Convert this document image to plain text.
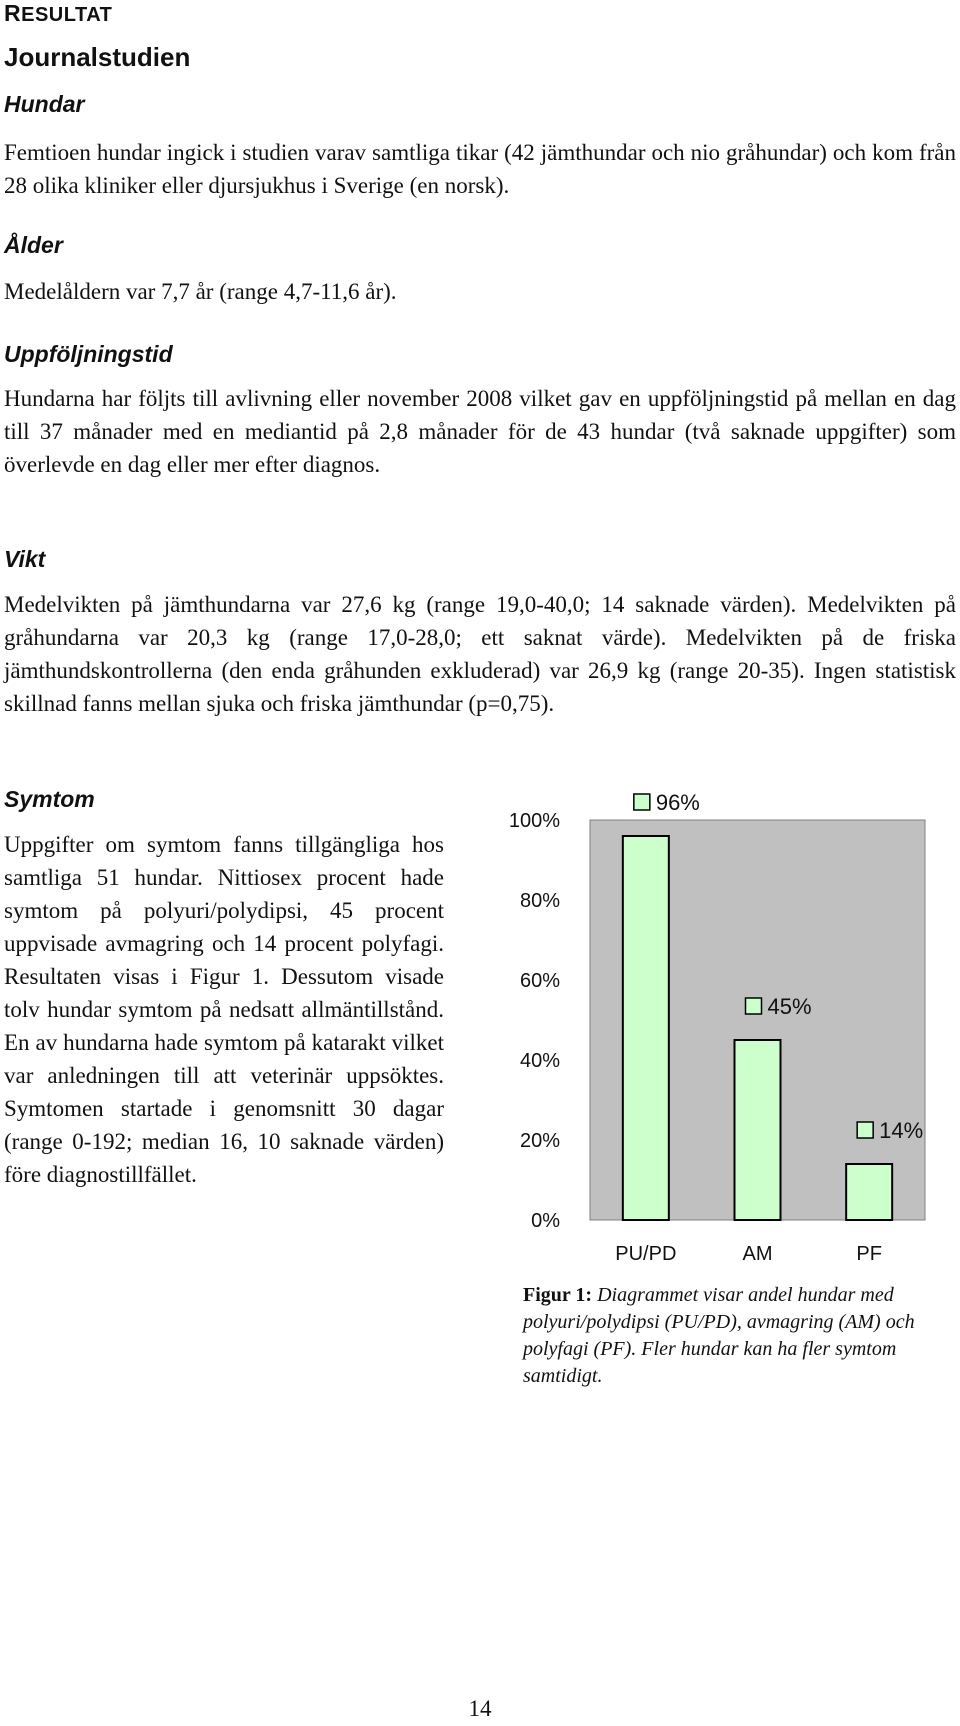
RESULTAT
Journalstudien
Hundar

Femtioen hundar ingick i studien varav samtliga tikar (42 jämthundar och nio gråhundar) och kom från 28 olika kliniker eller djursjukhus i Sverige (en norsk).

Ålder

Medelåldern var 7,7 år (range 4,7-11,6 år).

Uppföljningstid

Hundarna har följts till avlivning eller november 2008 vilket gav en uppföljningstid på mellan en dag till 37 månader med en mediantid på 2,8 månader för de 43 hundar (två saknade uppgifter) som överlevde en dag eller mer efter diagnos.

Vikt

Medelvikten på jämthundarna var 27,6 kg (range 19,0-40,0; 14 saknade värden). Medelvikten på gråhundarna var 20,3 kg (range 17,0-28,0; ett saknat värde). Medelvikten på de friska jämthundskontrollerna (den enda gråhunden exkluderad) var 26,9 kg (range 20-35). Ingen statistisk skillnad fanns mellan sjuka och friska jämthundar (p=0,75).

Symtom

Uppgifter om symtom fanns tillgängliga hos samtliga 51 hundar. Nittiosex procent hade symtom på polyuri/polydipsi, 45 procent uppvisade avmagring och 14 procent polyfagi. Resultaten visas i Figur 1. Dessutom visade tolv hundar symtom på nedsatt allmäntillstånd. En av hundarna hade symtom på katarakt vilket var anledningen till att veterinär uppsöktes. Symtomen startade i genomsnitt 30 dagar (range 0-192; median 16, 10 saknade värden) före diagnostillfället.

0%
20%
40%
60%
80%
100%
96%
PU/PD
45%
AM
14%
PF

Figur 1: Diagrammet visar andel hundar med polyuri/polydipsi (PU/PD), avmagring (AM) och polyfagi (PF). Fler hundar kan ha fler symtom samtidigt.

14
